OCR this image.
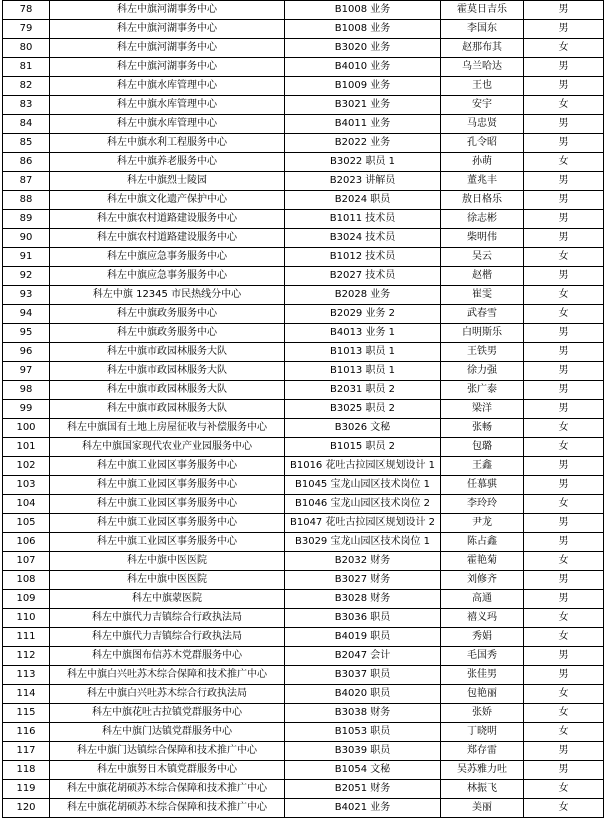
78	科左中旗河湖事务中心	B1008 业务	霍莫日吉乐	男
79	科左中旗河湖事务中心	B1008 业务	李国东	男
80	科左中旗河湖事务中心	B3020 业务	赵那布其	女
81	科左中旗河湖事务中心	B4010 业务	乌兰哈达	男
82	科左中旗水库管理中心	B1009 业务	王也	男
83	科左中旗水库管理中心	B3021 业务	安宇	女
84	科左中旗水库管理中心	B4011 业务	马忠贤	男
85	科左中旗水利工程服务中心	B2022 业务	孔令昭	男
86	科左中旗养老服务中心	B3022 职员 1	孙萌	女
87	科左中旗烈士陵园	B2023 讲解员	董兆丰	男
88	科左中旗文化遗产保护中心	B2024 职员	敖日格乐	男
89	科左中旗农村道路建设服务中心	B1011 技术员	徐志彬	男
90	科左中旗农村道路建设服务中心	B3024 技术员	柴明伟	男
91	科左中旗应急事务服务中心	B1012 技术员	吴云	女
92	科左中旗应急事务服务中心	B2027 技术员	赵楷	男
93	科左中旗 12345 市民热线分中心	B2028 业务	崔雯	女
94	科左中旗政务服务中心	B2029 业务 2	武春雪	女
95	科左中旗政务服务中心	B4013 业务 1	白明斯乐	男
96	科左中旗市政园林服务大队	B1013 职员 1	王铁男	男
97	科左中旗市政园林服务大队	B1013 职员 1	徐力强	男
98	科左中旗市政园林服务大队	B2031 职员 2	张广泰	男
99	科左中旗市政园林服务大队	B3025 职员 2	梁洋	男
100	科左中旗国有土地上房屋征收与补偿服务中心	B3026 文秘	张畅	女
101	科左中旗国家现代农业产业园服务中心	B1015 职员 2	包璐	女
102	科左中旗工业园区事务服务中心	B1016 花吐古拉园区规划设计 1	王鑫	男
103	科左中旗工业园区事务服务中心	B1045 宝龙山园区技术岗位 1	任慕骐	男
104	科左中旗工业园区事务服务中心	B1046 宝龙山园区技术岗位 2	李玲玲	女
105	科左中旗工业园区事务服务中心	B1047 花吐古拉园区规划设计 2	尹龙	男
106	科左中旗工业园区事务服务中心	B3029 宝龙山园区技术岗位 1	陈占鑫	男
107	科左中旗中医医院	B2032 财务	霍艳菊	女
108	科左中旗中医医院	B3027 财务	刘修齐	男
109	科左中旗蒙医院	B3028 财务	高通	男
110	科左中旗代力吉镇综合行政执法局	B3036 职员	禧义玛	女
111	科左中旗代力吉镇综合行政执法局	B4019 职员	秀娟	女
112	科左中旗图布信苏木党群服务中心	B2047 会计	毛国秀	男
113	科左中旗白兴吐苏木综合保障和技术推广中心	B3037 职员	张佳男	男
114	科左中旗白兴吐苏木综合行政执法局	B4020 职员	包艳丽	女
115	科左中旗花吐古拉镇党群服务中心	B3038 财务	张娇	女
116	科左中旗门达镇党群服务中心	B1053 职员	丁晓明	女
117	科左中旗门达镇综合保障和技术推广中心	B3039 职员	郑存雷	男
118	科左中旗努日木镇党群服务中心	B1054 文秘	吴苏雅力吐	男
119	科左中旗花胡硕苏木综合保障和技术推广中心	B2051 财务	林振飞	女
120	科左中旗花胡硕苏木综合保障和技术推广中心	B4021 业务	美丽	女
